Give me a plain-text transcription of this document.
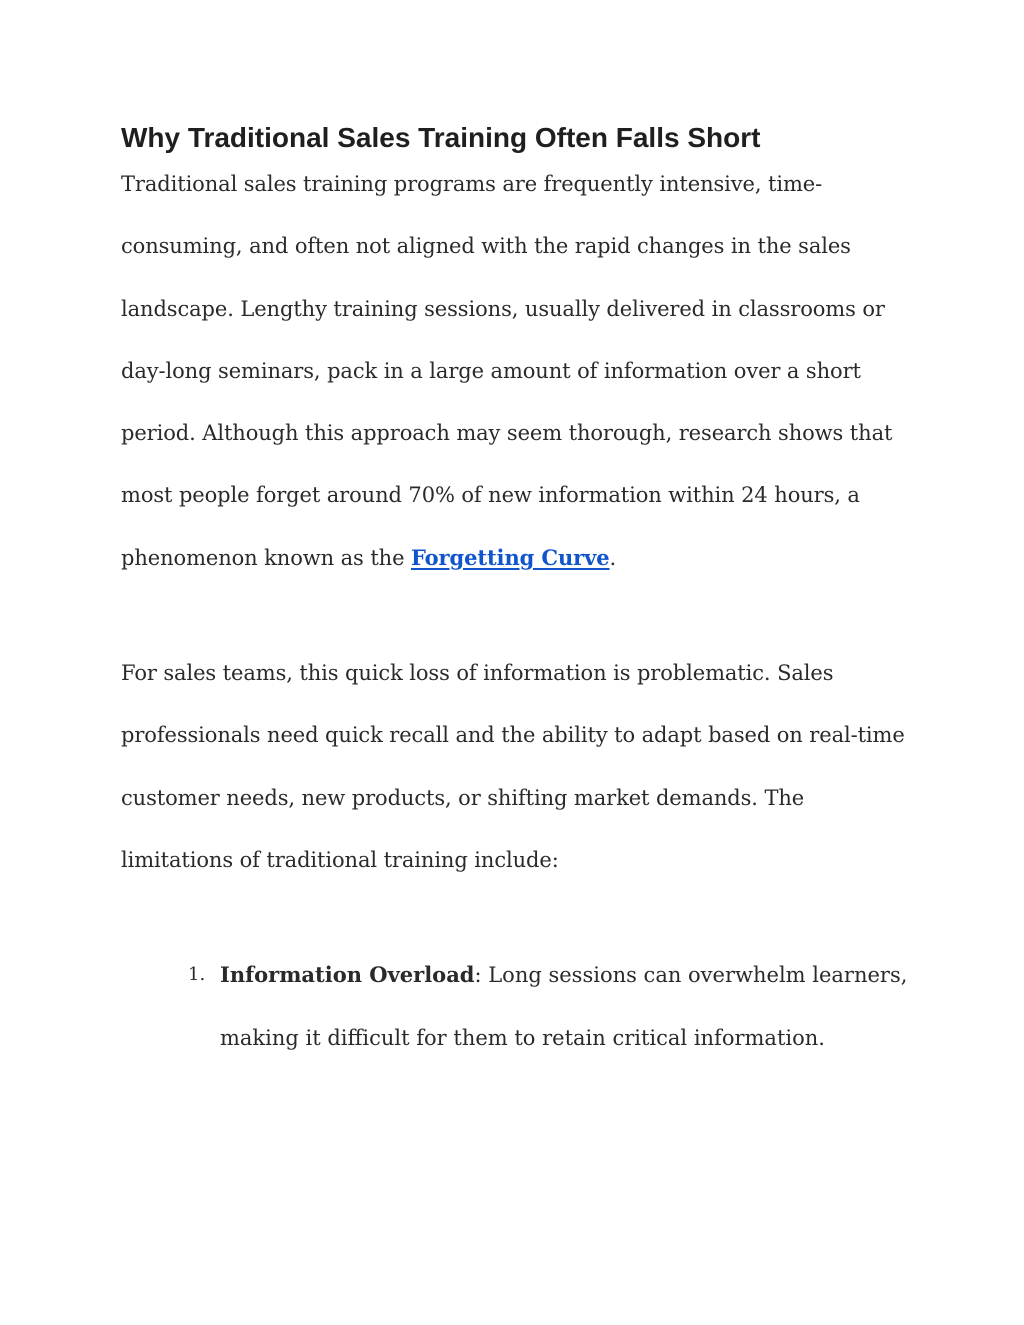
Why Traditional Sales Training Often Falls Short

Traditional sales training programs are frequently intensive, time-consuming, and often not aligned with the rapid changes in the sales landscape. Lengthy training sessions, usually delivered in classrooms or day-long seminars, pack in a large amount of information over a short period. Although this approach may seem thorough, research shows that most people forget around 70% of new information within 24 hours, a phenomenon known as the Forgetting Curve.

For sales teams, this quick loss of information is problematic. Sales professionals need quick recall and the ability to adapt based on real-time customer needs, new products, or shifting market demands. The limitations of traditional training include:

1. Information Overload: Long sessions can overwhelm learners, making it difficult for them to retain critical information.
